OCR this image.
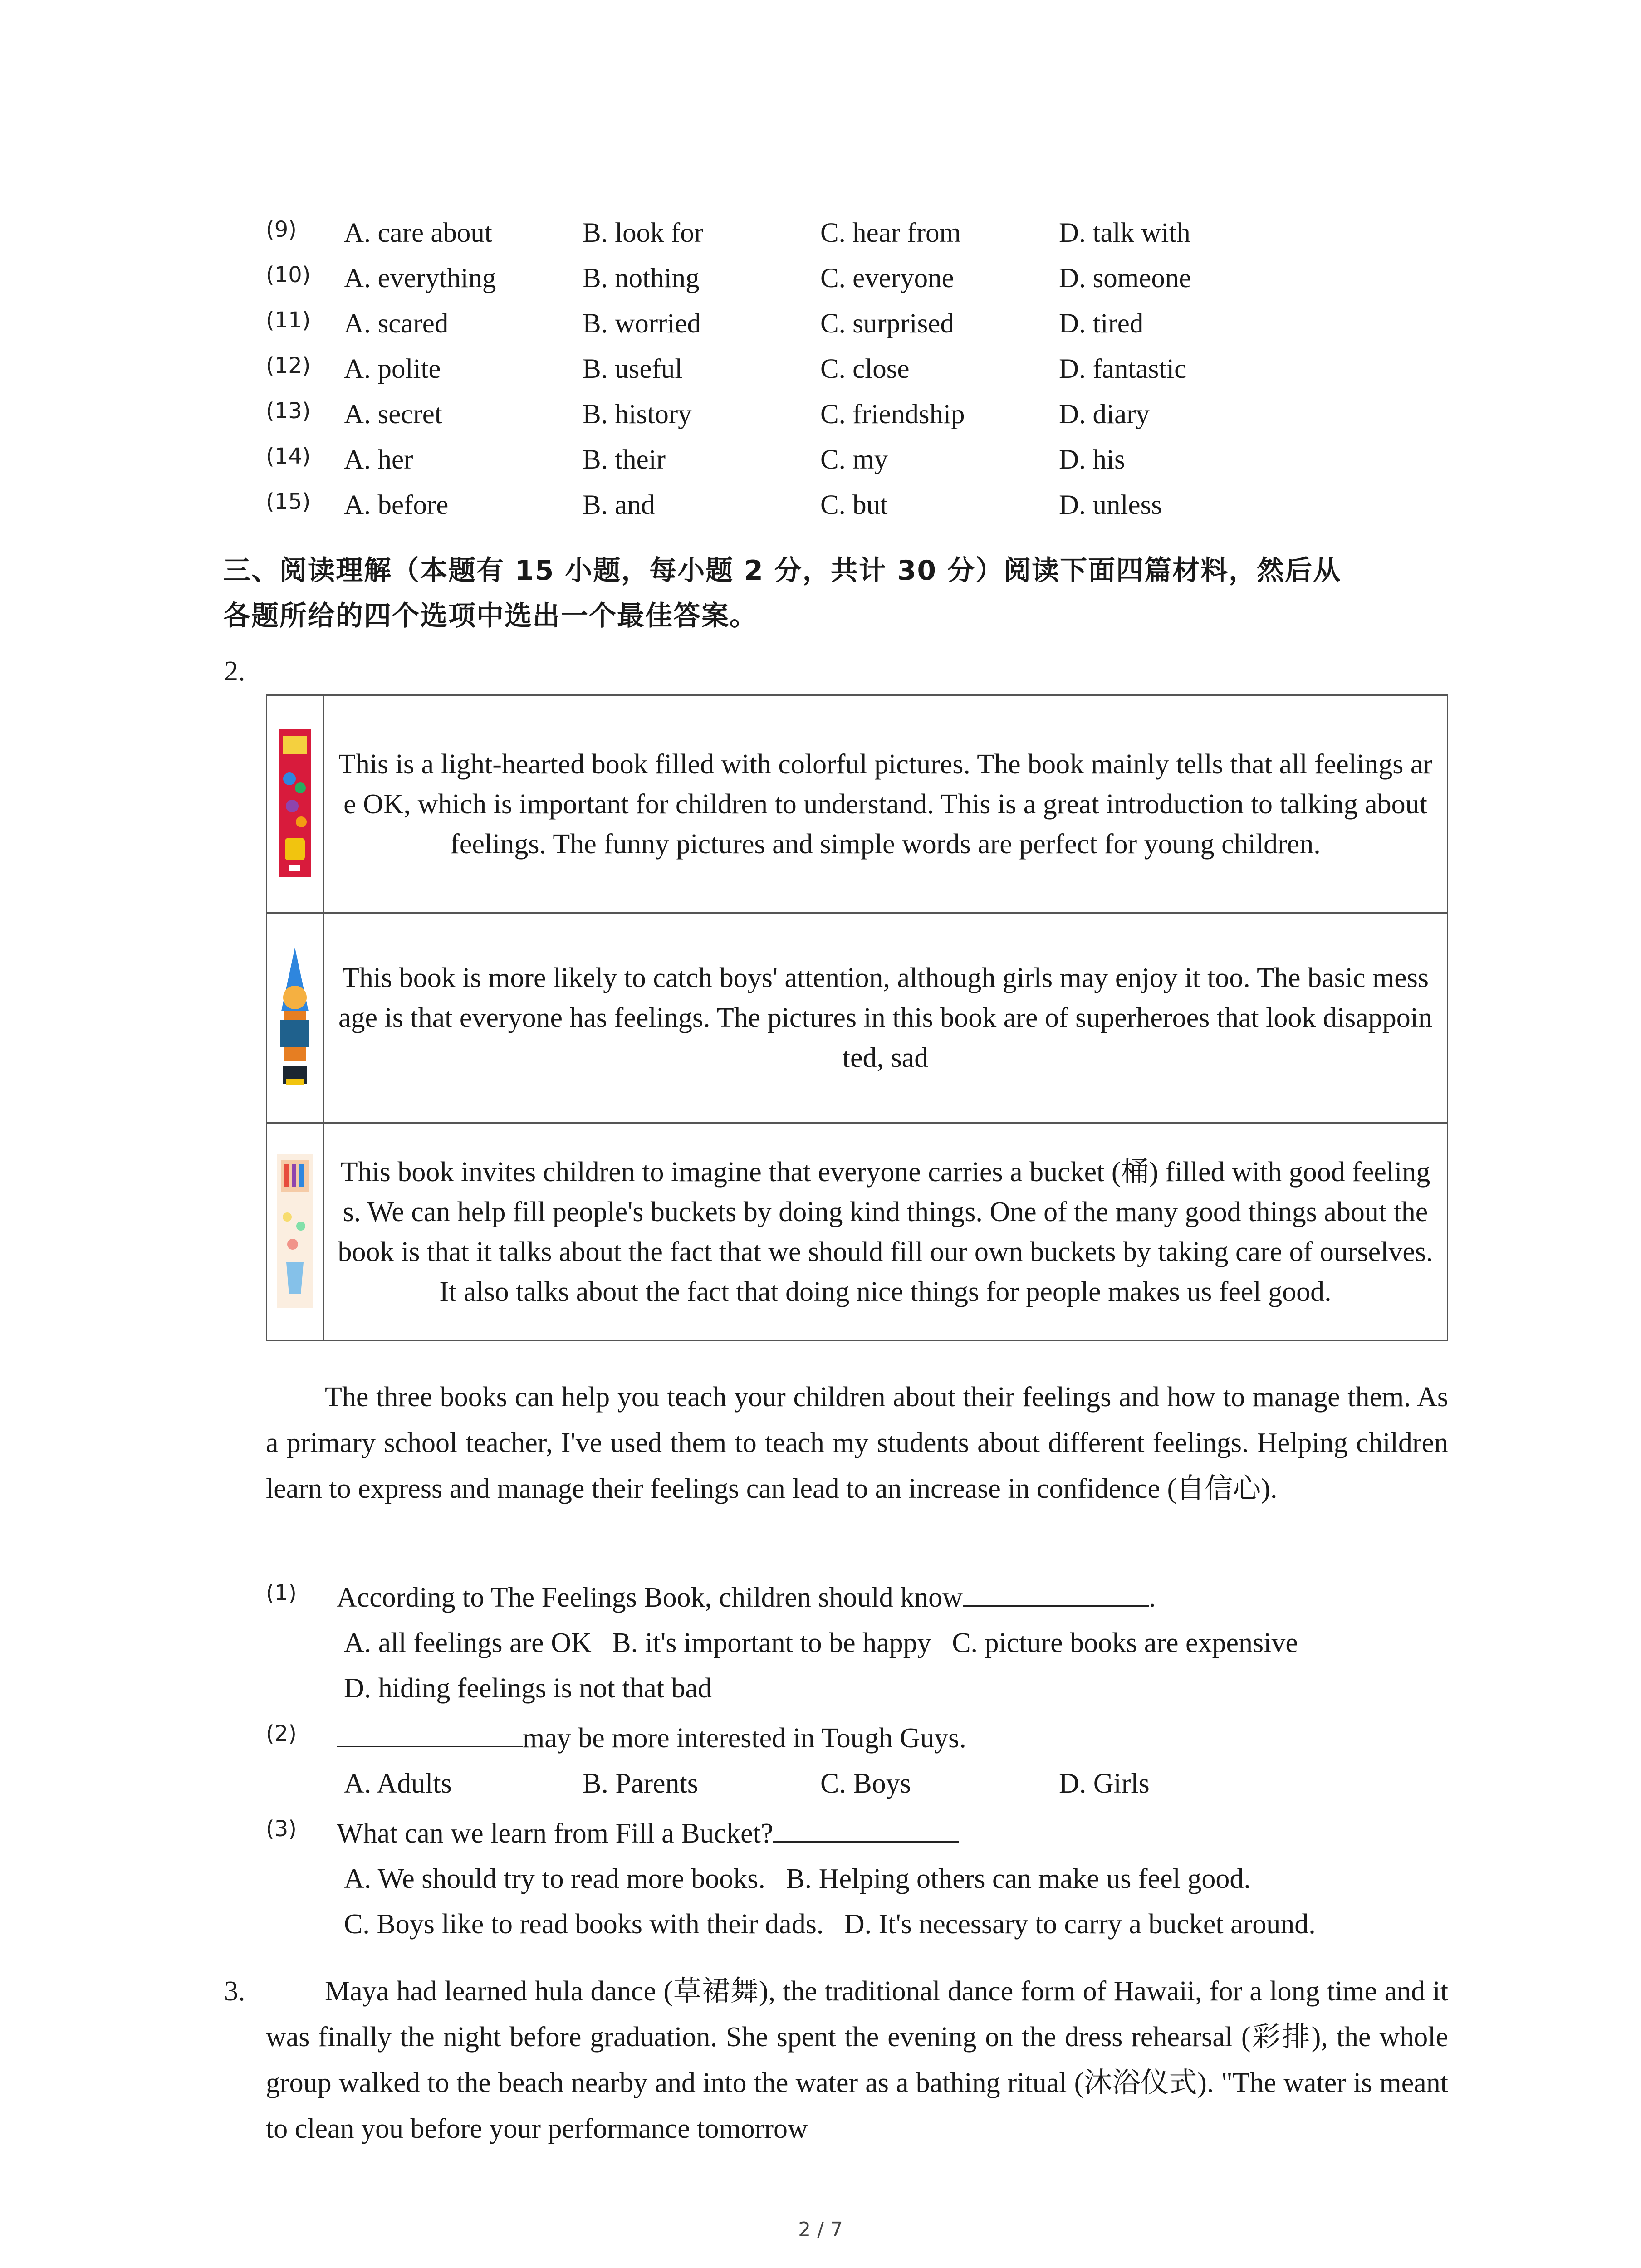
(9) A. care about	B. look for	C. hear from	D. talk with
(10) A. everything	B. nothing	C. everyone	D. someone
(11) A. scared	B. worried	C. surprised	D. tired
(12) A. polite	B. useful	C. close	D. fantastic
(13) A. secret	B. history	C. friendship	D. diary
(14) A. her	B. their	C. my	D. his
(15) A. before	B. and	C. but	D. unless
三、阅读理解（本题有 15 小题，每小题 2 分，共计 30 分）阅读下面四篇材料，然后从
各题所给的四个选项中选出一个最佳答案。
2.
	This is a light-hearted book filled with colorful pictures. The book mainly tells that all feelings are OK, which is important for children to understand. This is a great introduction to talking about feelings. The funny pictures and simple words are perfect for young children.
	This book is more likely to catch boys' attention, although girls may enjoy it too. The basic message is that everyone has feelings. The pictures in this book are of superheroes that look disappointed, sad
	This book invites children to imagine that everyone carries a bucket (桶) filled with good feelings. We can help fill people's buckets by doing kind things. One of the many good things about the book is that it talks about the fact that we should fill our own buckets by taking care of ourselves. It also talks about the fact that doing nice things for people makes us feel good.
The three books can help you teach your children about their feelings and how to manage them. As a primary school teacher, I've used them to teach my students about different feelings. Helping children learn to express and manage their feelings can lead to an increase in confidence (自信心).
(1) According to The Feelings Book, children should know	.
A. all feelings are OK B. it's important to be happy C. picture books are expensive
D. hiding feelings is not that bad
(2)	may be more interested in Tough Guys.
A. Adults	B. Parents	C. Boys	D. Girls
(3) What can we learn from Fill a Bucket?
A. We should try to read more books. B. Helping others can make us feel good.
C. Boys like to read books with their dads. D. It's necessary to carry a bucket around.
3.	Maya had learned hula dance (草裙舞), the traditional dance form of Hawaii, for a long time and it was finally the night before graduation. She spent the evening on the dress rehearsal (彩排), the whole group walked to the beach nearby and into the water as a bathing ritual (沐浴仪式). "The water is meant to clean you before your performance tomorrow
2 / 7
